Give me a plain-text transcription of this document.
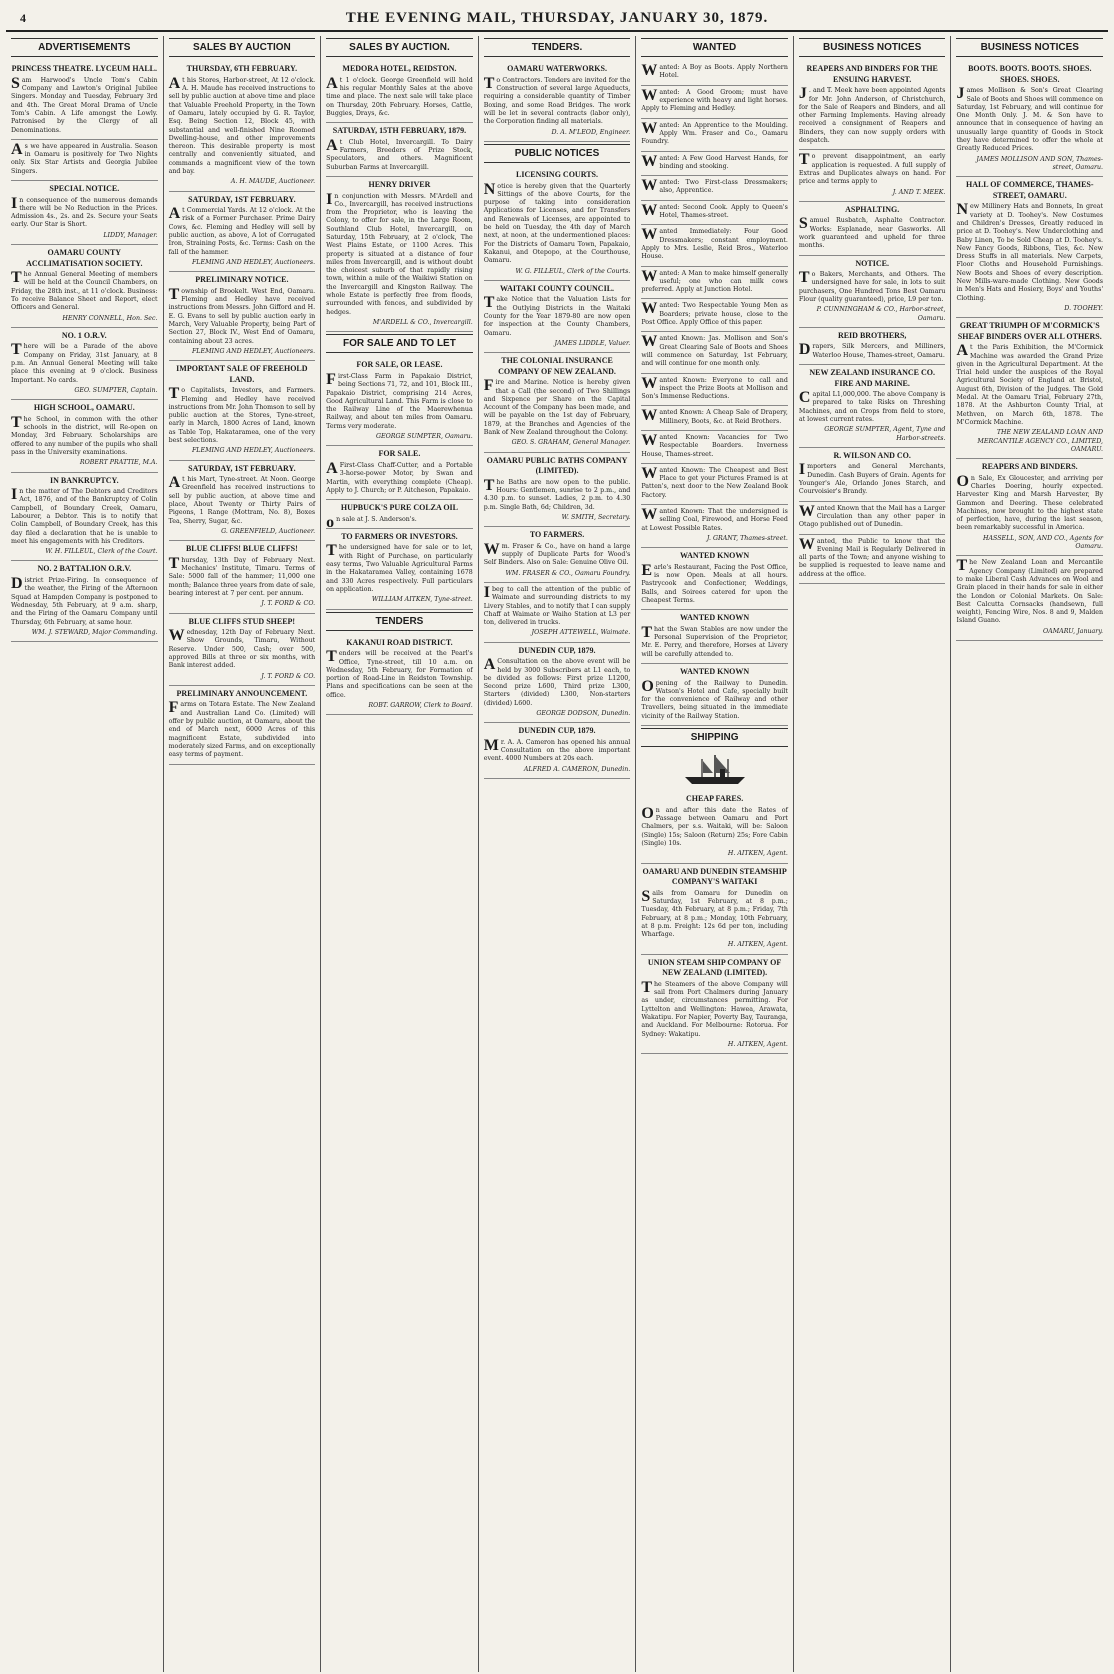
4	THE EVENING MAIL, THURSDAY, JANUARY 30, 1879.
ADVERTISEMENTS
PRINCESS THEATRE. LYCEUM HALL.
Sam Harwood's Uncle Tom's Cabin Company and Lawton's Original Jubilee Singers. Monday and Tuesday, February 3rd and 4th. The Great Moral Drama of Uncle Tom's Cabin. A Life amongst the Lowly. Patronised by the Clergy of all Denominations.
As we have appeared in Australia. Season in Oamaru is positively for Two Nights only. Six Star Artists and Georgia Jubilee Singers.
SPECIAL NOTICE.
In consequence of the numerous demands there will be No Reduction in the Prices. Admission 4s., 2s. and 2s. Secure your Seats early. Our Star is Short.
LIDDY, Manager.
OAMARU COUNTY ACCLIMATISATION SOCIETY.
The Annual General Meeting of members will be held at the Council Chambers, on Friday, the 28th inst., at 11 o'clock. Business: To receive Balance Sheet and Report, elect Officers and General.
HENRY CONNELL, Hon. Sec.
NO. 1 O.R.V.
There will be a Parade of the above Company on Friday, 31st January, at 8 p.m. An Annual General Meeting will take place this evening at 9 o'clock. Business Important. No cards.
GEO. SUMPTER, Captain.
HIGH SCHOOL, OAMARU.
The School, in common with the other schools in the district, will Re-open on Monday, 3rd February. Scholarships are offered to any number of the pupils who shall pass in the University examinations.
ROBERT PRATTIE, M.A.
IN BANKRUPTCY.
In the matter of The Debtors and Creditors Act, 1876, and of the Bankruptcy of Colin Campbell, of Boundary Creek, Oamaru, Labourer, a Debtor. This is to notify that Colin Campbell, of Boundary Creek, has this day filed a declaration that he is unable to meet his engagements with his Creditors.
W. H. FILLEUL, Clerk of the Court.
NO. 2 BATTALION O.R.V.
District Prize-Firing. In consequence of the weather, the Firing of the Afternoon Squad at Hampden Company is postponed to Wednesday, 5th February, at 9 a.m. sharp, and the Firing of the Oamaru Company until Thursday, 6th February, at same hour.
WM. J. STEWARD, Major Commanding.
SALES BY AUCTION
THURSDAY, 6TH FEBRUARY.
At his Stores, Harbor-street, At 12 o'clock. A. H. Maude has received instructions to sell by public auction at above time and place that Valuable Freehold Property, in the Town of Oamaru, lately occupied by G. R. Taylor, Esq. Being Section 12, Block 45, with substantial and well-finished Nine Roomed Dwelling-house, and other improvements thereon. This desirable property is most centrally and conveniently situated, and commands a magnificent view of the town and bay.
A. H. MAUDE, Auctioneer.
SATURDAY, 1ST FEBRUARY.
At Commercial Yards. At 12 o'clock. At the risk of a Former Purchaser. Prime Dairy Cows, &c. Fleming and Hedley will sell by public auction, as above, A lot of Corrugated Iron, Straining Posts, &c. Terms: Cash on the fall of the hammer.
FLEMING AND HEDLEY, Auctioneers.
PRELIMINARY NOTICE.
Township of Brookelt. West End, Oamaru. Fleming and Hedley have received instructions from Messrs. John Gifford and H. E. G. Evans to sell by public auction early in March, Very Valuable Property, being Part of Section 27, Block IV., West End of Oamaru, containing about 23 acres.
FLEMING AND HEDLEY, Auctioneers.
IMPORTANT SALE OF FREEHOLD LAND.
To Capitalists, Investors, and Farmers. Fleming and Hedley have received instructions from Mr. John Thomson to sell by public auction at the Stores, Tyne-street, early in March, 1800 Acres of Land, known as Table Top, Hakataramea, one of the very best selections.
FLEMING AND HEDLEY, Auctioneers.
SATURDAY, 1ST FEBRUARY.
At his Mart, Tyne-street. At Noon. George Greenfield has received instructions to sell by public auction, at above time and place, About Twenty or Thirty Pairs of Pigeons, 1 Range (Mottram, No. 8), Boxes Tea, Sherry, Sugar, &c.
G. GREENFIELD, Auctioneer.
BLUE CLIFFS! BLUE CLIFFS!
Thursday, 13th Day of February Next. Mechanics' Institute, Timaru. Terms of Sale: 5000 fall of the hammer; 11,000 one month; Balance three years from date of sale, bearing interest at 7 per cent. per annum.
J. T. FORD & CO.
BLUE CLIFFS STUD SHEEP!
Wednesday, 12th Day of February Next. Show Grounds, Timaru, Without Reserve. Under 500, Cash; over 500, approved Bills at three or six months, with Bank interest added.
J. T. FORD & CO.
PRELIMINARY ANNOUNCEMENT.
Farms on Totara Estate. The New Zealand and Australian Land Co. (Limited) will offer by public auction, at Oamaru, about the end of March next, 6000 Acres of this magnificent Estate, subdivided into moderately sized Farms, and on exceptionally easy terms of payment.
SALES BY AUCTION.
MEDORA HOTEL, REIDSTON.
At 1 o'clock. George Greenfield will hold his regular Monthly Sales at the above time and place. The next sale will take place on Thursday, 20th February. Horses, Cattle, Buggies, Drays, &c.
SATURDAY, 15TH FEBRUARY, 1879.
At Club Hotel, Invercargill. To Dairy Farmers, Breeders of Prize Stock, Speculators, and others. Magnificent Suburban Farms at Invercargill.
HENRY DRIVER
In conjunction with Messrs. M'Ardell and Co., Invercargill, has received instructions from the Proprietor, who is leaving the Colony, to offer for sale, in the Large Room, Southland Club Hotel, Invercargill, on Saturday, 15th February, at 2 o'clock, The West Plains Estate, or 1100 Acres. This property is situated at a distance of four miles from Invercargill, and is without doubt the choicest suburb of that rapidly rising town, within a mile of the Waikiwi Station on the Invercargill and Kingston Railway. The whole Estate is perfectly free from floods, surrounded with fences, and subdivided by hedges.
M'ARDELL & CO., Invercargill.
FOR SALE AND TO LET
FOR SALE, OR LEASE.
First-Class Farm in Papakaio District, being Sections 71, 72, and 101, Block III., Papakaio District, comprising 214 Acres, Good Agricultural Land. This Farm is close to the Railway Line of the Maerewhenua Railway, and about ten miles from Oamaru. Terms very moderate.
GEORGE SUMPTER, Oamaru.
FOR SALE.
A First-Class Chaff-Cutter, and a Portable 3-horse-power Motor, by Swan and Martin, with everything complete (Cheap). Apply to J. Church; or P. Aitcheson, Papakaio.
HUPBUCK'S PURE COLZA OIL
on sale at J. S. Anderson's.
TO FARMERS OR INVESTORS.
The undersigned have for sale or to let, with Right of Purchase, on particularly easy terms, Two Valuable Agricultural Farms in the Hakataramea Valley, containing 1678 and 330 Acres respectively. Full particulars on application.
WILLIAM AITKEN, Tyne-street.
TENDERS
KAKANUI ROAD DISTRICT.
Tenders will be received at the Pearl's Office, Tyne-street, till 10 a.m. on Wednesday, 5th February, for Formation of portion of Road-Line in Reidston Township. Plans and specifications can be seen at the office.
ROBT. GARROW, Clerk to Board.
TENDERS.
OAMARU WATERWORKS.
To Contractors. Tenders are invited for the Construction of several large Aqueducts, requiring a considerable quantity of Timber Boxing, and some Road Bridges. The work will be let in several contracts (labor only), the Corporation finding all materials.
D. A. M'LEOD, Engineer.
PUBLIC NOTICES
LICENSING COURTS.
Notice is hereby given that the Quarterly Sittings of the above Courts, for the purpose of taking into consideration Applications for Licenses, and for Transfers and Renewals of Licenses, are appointed to be held on Tuesday, the 4th day of March next, at noon, at the undermentioned places: For the Districts of Oamaru Town, Papakaio, Kakanui, and Otepopo, at the Courthouse, Oamaru.
W. G. FILLEUL, Clerk of the Courts.
WAITAKI COUNTY COUNCIL.
Take Notice that the Valuation Lists for the Outlying Districts in the Waitaki County for the Year 1879-80 are now open for inspection at the County Chambers, Oamaru.
JAMES LIDDLE, Valuer.
THE COLONIAL INSURANCE COMPANY OF NEW ZEALAND.
Fire and Marine. Notice is hereby given that a Call (the second) of Two Shillings and Sixpence per Share on the Capital Account of the Company has been made, and will be payable on the 1st day of February, 1879, at the Branches and Agencies of the Bank of New Zealand throughout the Colony.
GEO. S. GRAHAM, General Manager.
OAMARU PUBLIC BATHS COMPANY (LIMITED).
The Baths are now open to the public. Hours: Gentlemen, sunrise to 2 p.m., and 4.30 p.m. to sunset. Ladies, 2 p.m. to 4.30 p.m. Single Bath, 6d; Children, 3d.
W. SMITH, Secretary.
TO FARMERS.
Wm. Fraser & Co., have on hand a large supply of Duplicate Parts for Wood's Self Binders. Also on Sale: Genuine Olive Oil.
WM. FRASER & CO., Oamaru Foundry.
I beg to call the attention of the public of Waimate and surrounding districts to my Livery Stables, and to notify that I can supply Chaff at Waimate or Waiho Station at L3 per ton, delivered in trucks.
JOSEPH ATTEWELL, Waimate.
DUNEDIN CUP, 1879.
A Consultation on the above event will be held by 3000 Subscribers at L1 each, to be divided as follows: First prize L1200, Second prize L600, Third prize L300, Starters (divided) L300, Non-starters (divided) L600.
GEORGE DODSON, Dunedin.
DUNEDIN CUP, 1879.
Mr. A. A. Cameron has opened his annual Consultation on the above important event. 4000 Numbers at 20s each.
ALFRED A. CAMERON, Dunedin.
WANTED
Wanted: A Boy as Boots. Apply Northern Hotel.
Wanted: A Good Groom; must have experience with heavy and light horses. Apply to Fleming and Hedley.
Wanted: An Apprentice to the Moulding. Apply Wm. Fraser and Co., Oamaru Foundry.
Wanted: A Few Good Harvest Hands, for binding and stooking.
Wanted: Two First-class Dressmakers; also, Apprentice.
Wanted: Second Cook. Apply to Queen's Hotel, Thames-street.
Wanted Immediately: Four Good Dressmakers; constant employment. Apply to Mrs. Leslie, Reid Bros., Waterloo House.
Wanted: A Man to make himself generally useful; one who can milk cows preferred. Apply at Junction Hotel.
Wanted: Two Respectable Young Men as Boarders; private house, close to the Post Office. Apply Office of this paper.
Wanted Known: Jas. Mollison and Son's Great Clearing Sale of Boots and Shoes will commence on Saturday, 1st February, and will continue for one month only.
Wanted Known: Everyone to call and inspect the Prize Boots at Mollison and Son's Immense Reductions.
Wanted Known: A Cheap Sale of Drapery, Millinery, Boots, &c. at Reid Brothers.
Wanted Known: Vacancies for Two Respectable Boarders. Inverness House, Thames-street.
Wanted Known: The Cheapest and Best Place to get your Pictures Framed is at Patten's, next door to the New Zealand Book Factory.
Wanted Known: That the undersigned is selling Coal, Firewood, and Horse Feed at Lowest Possible Rates.
J. GRANT, Thames-street.
WANTED KNOWN
Earle's Restaurant, Facing the Post Office, is now Open. Meals at all hours. Pastrycook and Confectioner, Weddings, Balls, and Soirees catered for upon the Cheapest Terms.
WANTED KNOWN
That the Swan Stables are now under the Personal Supervision of the Proprietor, Mr. E. Perry, and therefore, Horses at Livery will be carefully attended to.
WANTED KNOWN
Opening of the Railway to Dunedin. Watson's Hotel and Cafe, specially built for the convenience of Railway and other Travellers, being situated in the immediate vicinity of the Railway Station.
SHIPPING
CHEAP FARES.
On and after this date the Rates of Passage between Oamaru and Port Chalmers, per s.s. Waitaki, will be: Saloon (Single) 15s; Saloon (Return) 25s; Fore Cabin (Single) 10s.
H. AITKEN, Agent.
OAMARU AND DUNEDIN STEAMSHIP COMPANY'S WAITAKI
Sails from Oamaru for Dunedin on Saturday, 1st February, at 8 p.m.; Tuesday, 4th February, at 8 p.m.; Friday, 7th February, at 8 p.m.; Monday, 10th February, at 8 p.m. Freight: 12s 6d per ton, including Wharfage.
H. AITKEN, Agent.
UNION STEAM SHIP COMPANY OF NEW ZEALAND (LIMITED).
The Steamers of the above Company will sail from Port Chalmers during January as under, circumstances permitting. For Lyttelton and Wellington: Hawea, Arawata, Wakatipu. For Napier, Poverty Bay, Tauranga, and Auckland. For Melbourne: Rotorua. For Sydney: Wakatipu.
H. AITKEN, Agent.
BUSINESS NOTICES
REAPERS AND BINDERS FOR THE ENSUING HARVEST.
J . and T. Meek have been appointed Agents for Mr. John Anderson, of Christchurch, for the Sale of Reapers and Binders, and all other Farming Implements. Having already received a consignment of Reapers and Binders, they can now supply orders with despatch.
To prevent disappointment, an early application is requested. A full supply of Extras and Duplicates always on hand. For price and terms apply to
J. AND T. MEEK.
ASPHALTING.
Samuel Rusbatch, Asphalte Contractor. Works: Esplanade, near Gasworks. All work guaranteed and upheld for three months.
NOTICE.
To Bakers, Merchants, and Others. The undersigned have for sale, in lots to suit purchasers, One Hundred Tons Best Oamaru Flour (quality guaranteed), price, L9 per ton.
P. CUNNINGHAM & CO., Harbor-street, Oamaru.
REID BROTHERS,
Drapers, Silk Mercers, and Milliners, Waterloo House, Thames-street, Oamaru.
NEW ZEALAND INSURANCE CO. FIRE AND MARINE.
Capital L1,000,000. The above Company is prepared to take Risks on Threshing Machines, and on Crops from field to store, at lowest current rates.
GEORGE SUMPTER, Agent, Tyne and Harbor-streets.
R. WILSON AND CO.
Importers and General Merchants, Dunedin. Cash Buyers of Grain. Agents for Younger's Ale, Orlando Jones Starch, and Courvoisier's Brandy.
Wanted Known that the Mail has a Larger Circulation than any other paper in Otago published out of Dunedin.
Wanted, the Public to know that the Evening Mail is Regularly Delivered in all parts of the Town; and anyone wishing to be supplied is requested to leave name and address at the office.
BUSINESS NOTICES
BOOTS. BOOTS. BOOTS. SHOES. SHOES. SHOES.
James Mollison & Son's Great Clearing Sale of Boots and Shoes will commence on Saturday, 1st February, and will continue for One Month Only. J. M. & Son have to announce that in consequence of having an unusually large quantity of Goods in Stock they have determined to offer the whole at Greatly Reduced Prices.
JAMES MOLLISON AND SON, Thames-street, Oamaru.
HALL OF COMMERCE, THAMES-STREET, OAMARU.
New Millinery Hats and Bonnets, In great variety at D. Toohey's. New Costumes and Children's Dresses, Greatly reduced in price at D. Toohey's. New Underclothing and Baby Linen, To be Sold Cheap at D. Toohey's. New Fancy Goods, Ribbons, Ties, &c. New Dress Stuffs in all materials. New Carpets, Floor Cloths and Household Furnishings. New Boots and Shoes of every description. New Mills-ware-made Clothing. New Goods in Men's Hats and Hosiery, Boys' and Youths' Clothing.
D. TOOHEY.
GREAT TRIUMPH OF M'CORMICK'S SHEAF BINDERS OVER ALL OTHERS.
At the Paris Exhibition, the M'Cormick Machine was awarded the Grand Prize given in the Agricultural Department. At the Trial held under the auspices of the Royal Agricultural Society of England at Bristol, August 6th, Division of the Judges. The Gold Medal. At the Oamaru Trial, February 27th, 1878. At the Ashburton County Trial, at Methven, on March 6th, 1878. The M'Cormick Machine.
THE NEW ZEALAND LOAN AND MERCANTILE AGENCY CO., LIMITED, OAMARU.
REAPERS AND BINDERS.
On Sale, Ex Gloucester, and arriving per Charles Doering, hourly expected. Harvester King and Marsh Harvester, By Gammon and Deering. These celebrated Machines, now brought to the highest state of perfection, have, during the last season, been remarkably successful in America.
HASSELL, SON, AND CO., Agents for Oamaru.
The New Zealand Loan and Mercantile Agency Company (Limited) are prepared to make Liberal Cash Advances on Wool and Grain placed in their hands for sale in either the London or Colonial Markets. On Sale: Best Calcutta Cornsacks (handsewn, full weight), Fencing Wire, Nos. 8 and 9, Malden Island Guano.
OAMARU, January.
